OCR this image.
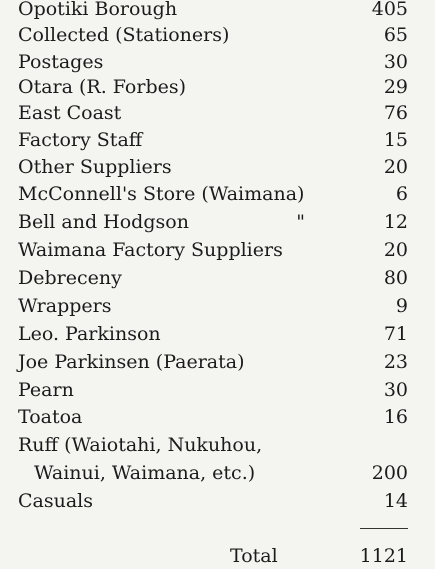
Opotiki Borough	405
Collected (Stationers)	65
Postages	30
Otara (R. Forbes)	29
East Coast	76
Factory Staff	15
Other Suppliers	20
McConnell's Store (Waimana)	6
Bell and Hodgson	"	12
Waimana Factory Suppliers	20
Debreceny	80
Wrappers	9
Leo. Parkinson	71
Joe Parkinsen (Paerata)	23
Pearn	30
Toatoa	16
Ruff (Waiotahi, Nukuhou,
Wainui, Waimana, etc.)	200
Casuals	14
Total	1121
